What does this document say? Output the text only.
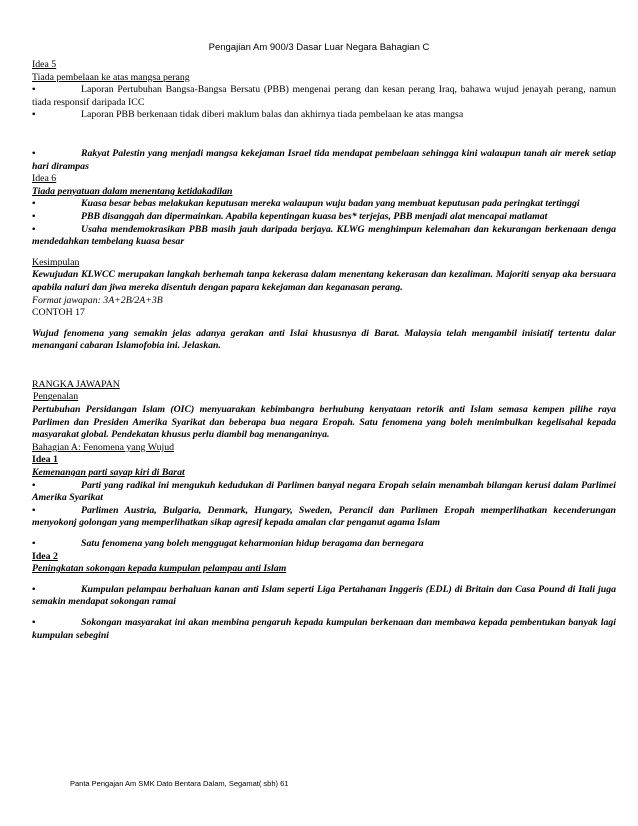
Pengajian Am 900/3 Dasar Luar Negara Bahagian C

Idea 5

Tiada pembelaan ke atas mangsa perang

•	Laporan Pertubuhan Bangsa-Bangsa Bersatu (PBB) mengenai perang dan kesan perang Iraq, bahawa wujud jenayah perang, namun tiada responsif daripada ICC

•	Laporan PBB berkenaan tidak diberi maklum balas dan akhirnya tiada pembelaan ke atas mangsa

•	Rakyat Palestin yang menjadi mangsa kekejaman Israel tida mendapat pembelaan sehingga kini walaupun tanah air merek setiap hari dirampas

Idea 6

Tiada penyatuan dalam menentang ketidakadilan

•	Kuasa besar bebas melakukan keputusan mereka walaupun wuju badan yang membuat keputusan pada peringkat tertinggi

•	PBB disanggah dan dipermainkan. Apabila kepentingan kuasa bes* terjejas, PBB menjadi alat mencapai matlamat

•	Usaha mendemokrasikan PBB masih jauh daripada berjaya. KLWG menghimpun kelemahan dan kekurangan berkenaan denga mendedahkan tembelang kuasa besar

Kesimpulan

Kewujudan KLWCC merupakan langkah berhemah tanpa kekerasa dalam menentang kekerasan dan kezaliman. Majoriti senyap aka bersuara apabila naluri dan jiwa mereka disentuh dengan papara kekejaman dan keganasan perang.

Format jawapan: 3A+2B/2A+3B

CONTOH 17

Wujud fenomena yang semakin jelas adanya gerakan anti Islai khususnya di Barat. Malaysia telah mengambil inisiatif tertentu dalar menangani cabaran Islamofobia ini. Jelaskan.

RANGKA JAWAPAN

Pengenalan

Pertubuhan Persidangan Islam (OIC) menyuarakan kebimbangra berhubung kenyataan retorik anti Islam semasa kempen pilihe raya Parlimen dan Presiden Amerika Syarikat dan beberapa bua negara Eropah. Satu fenomena yang boleh menimbulkan kegelisahal kepada masyarakat global. Pendekatan khusus perlu diambil bag menanganinya.

Bahagian A: Fenomena yang Wujud

Idea 1

Kemenangan parti sayap kiri di Barat

•	Parti yang radikal ini mengukuh kedudukan di Parlimen banyal negara Eropah selain menambah bilangan kerusi dalam Parlimei Amerika Syarikat

•	Parlimen Austria, Bulgaria, Denmark, Hungary, Sweden, Perancil dan Parlimen Eropah memperlihatkan kecenderungan menyokonj golongan yang memperlihatkan sikap agresif kepada amalan clar penganut agama Islam

•	Satu fenomena yang boleh menggugat keharmonian hidup beragama dan bernegara

Idea 2

Peningkatan sokongan kepada kumpulan pelampau anti Islam

•	Kumpulan pelampau berhaluan kanan anti Islam seperti Liga Pertahanan Inggeris (EDL) di Britain dan Casa Pound di Itali juga semakin mendapat sokongan ramai

•	Sokongan masyarakat ini akan membina pengaruh kepada kumpulan berkenaan dan membawa kepada pembentukan banyak lagi kumpulan sebegini

Panta Pengajan Am SMK Dato Bentara Dalam, Segamat( sbh) 61
